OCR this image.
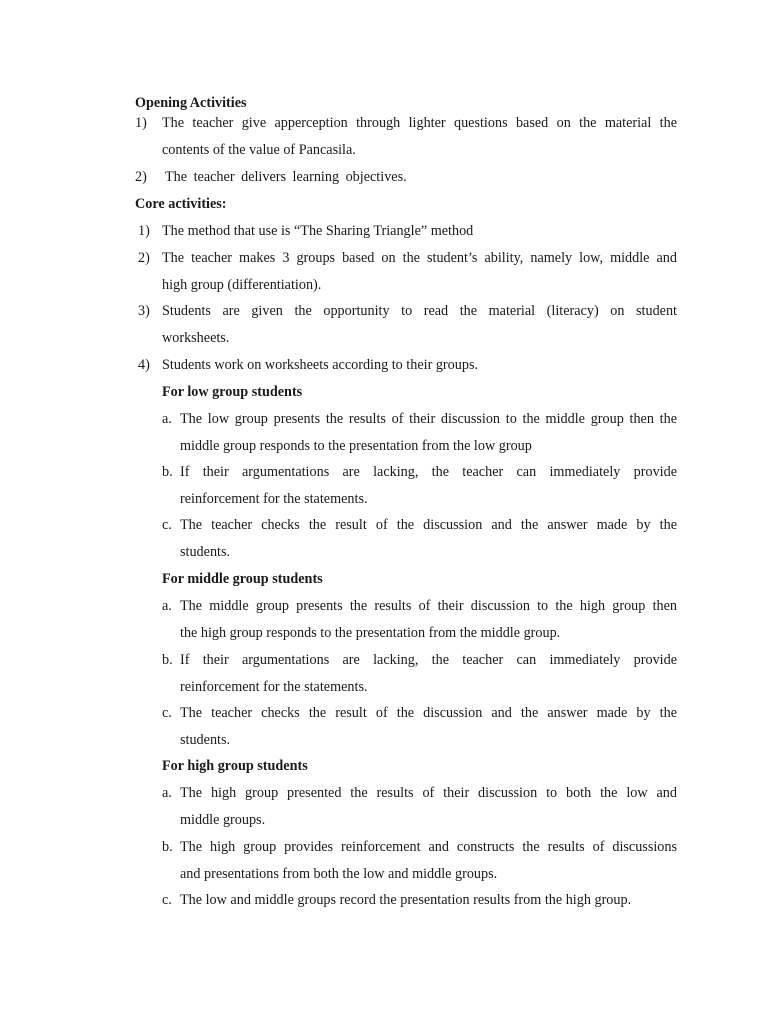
Opening Activities
1) The teacher give apperception through lighter questions based on the material the
contents of the value of Pancasila.
2) The teacher delivers learning objectives.
Core activities:
1) The method that use is “The Sharing Triangle” method
2) The teacher makes 3 groups based on the student’s ability, namely low, middle and
high group (differentiation).
3) Students are given the opportunity to read the material (literacy) on student
worksheets.
4) Students work on worksheets according to their groups.
For low group students
a. The low group presents the results of their discussion to the middle group then the
middle group responds to the presentation from the low group
b. If their argumentations are lacking, the teacher can immediately provide
reinforcement for the statements.
c. The teacher checks the result of the discussion and the answer made by the
students.
For middle group students
a. The middle group presents the results of their discussion to the high group then
the high group responds to the presentation from the middle group.
b. If their argumentations are lacking, the teacher can immediately provide
reinforcement for the statements.
c. The teacher checks the result of the discussion and the answer made by the
students.
For high group students
a. The high group presented the results of their discussion to both the low and
middle groups.
b. The high group provides reinforcement and constructs the results of discussions
and presentations from both the low and middle groups.
c. The low and middle groups record the presentation results from the high group.
